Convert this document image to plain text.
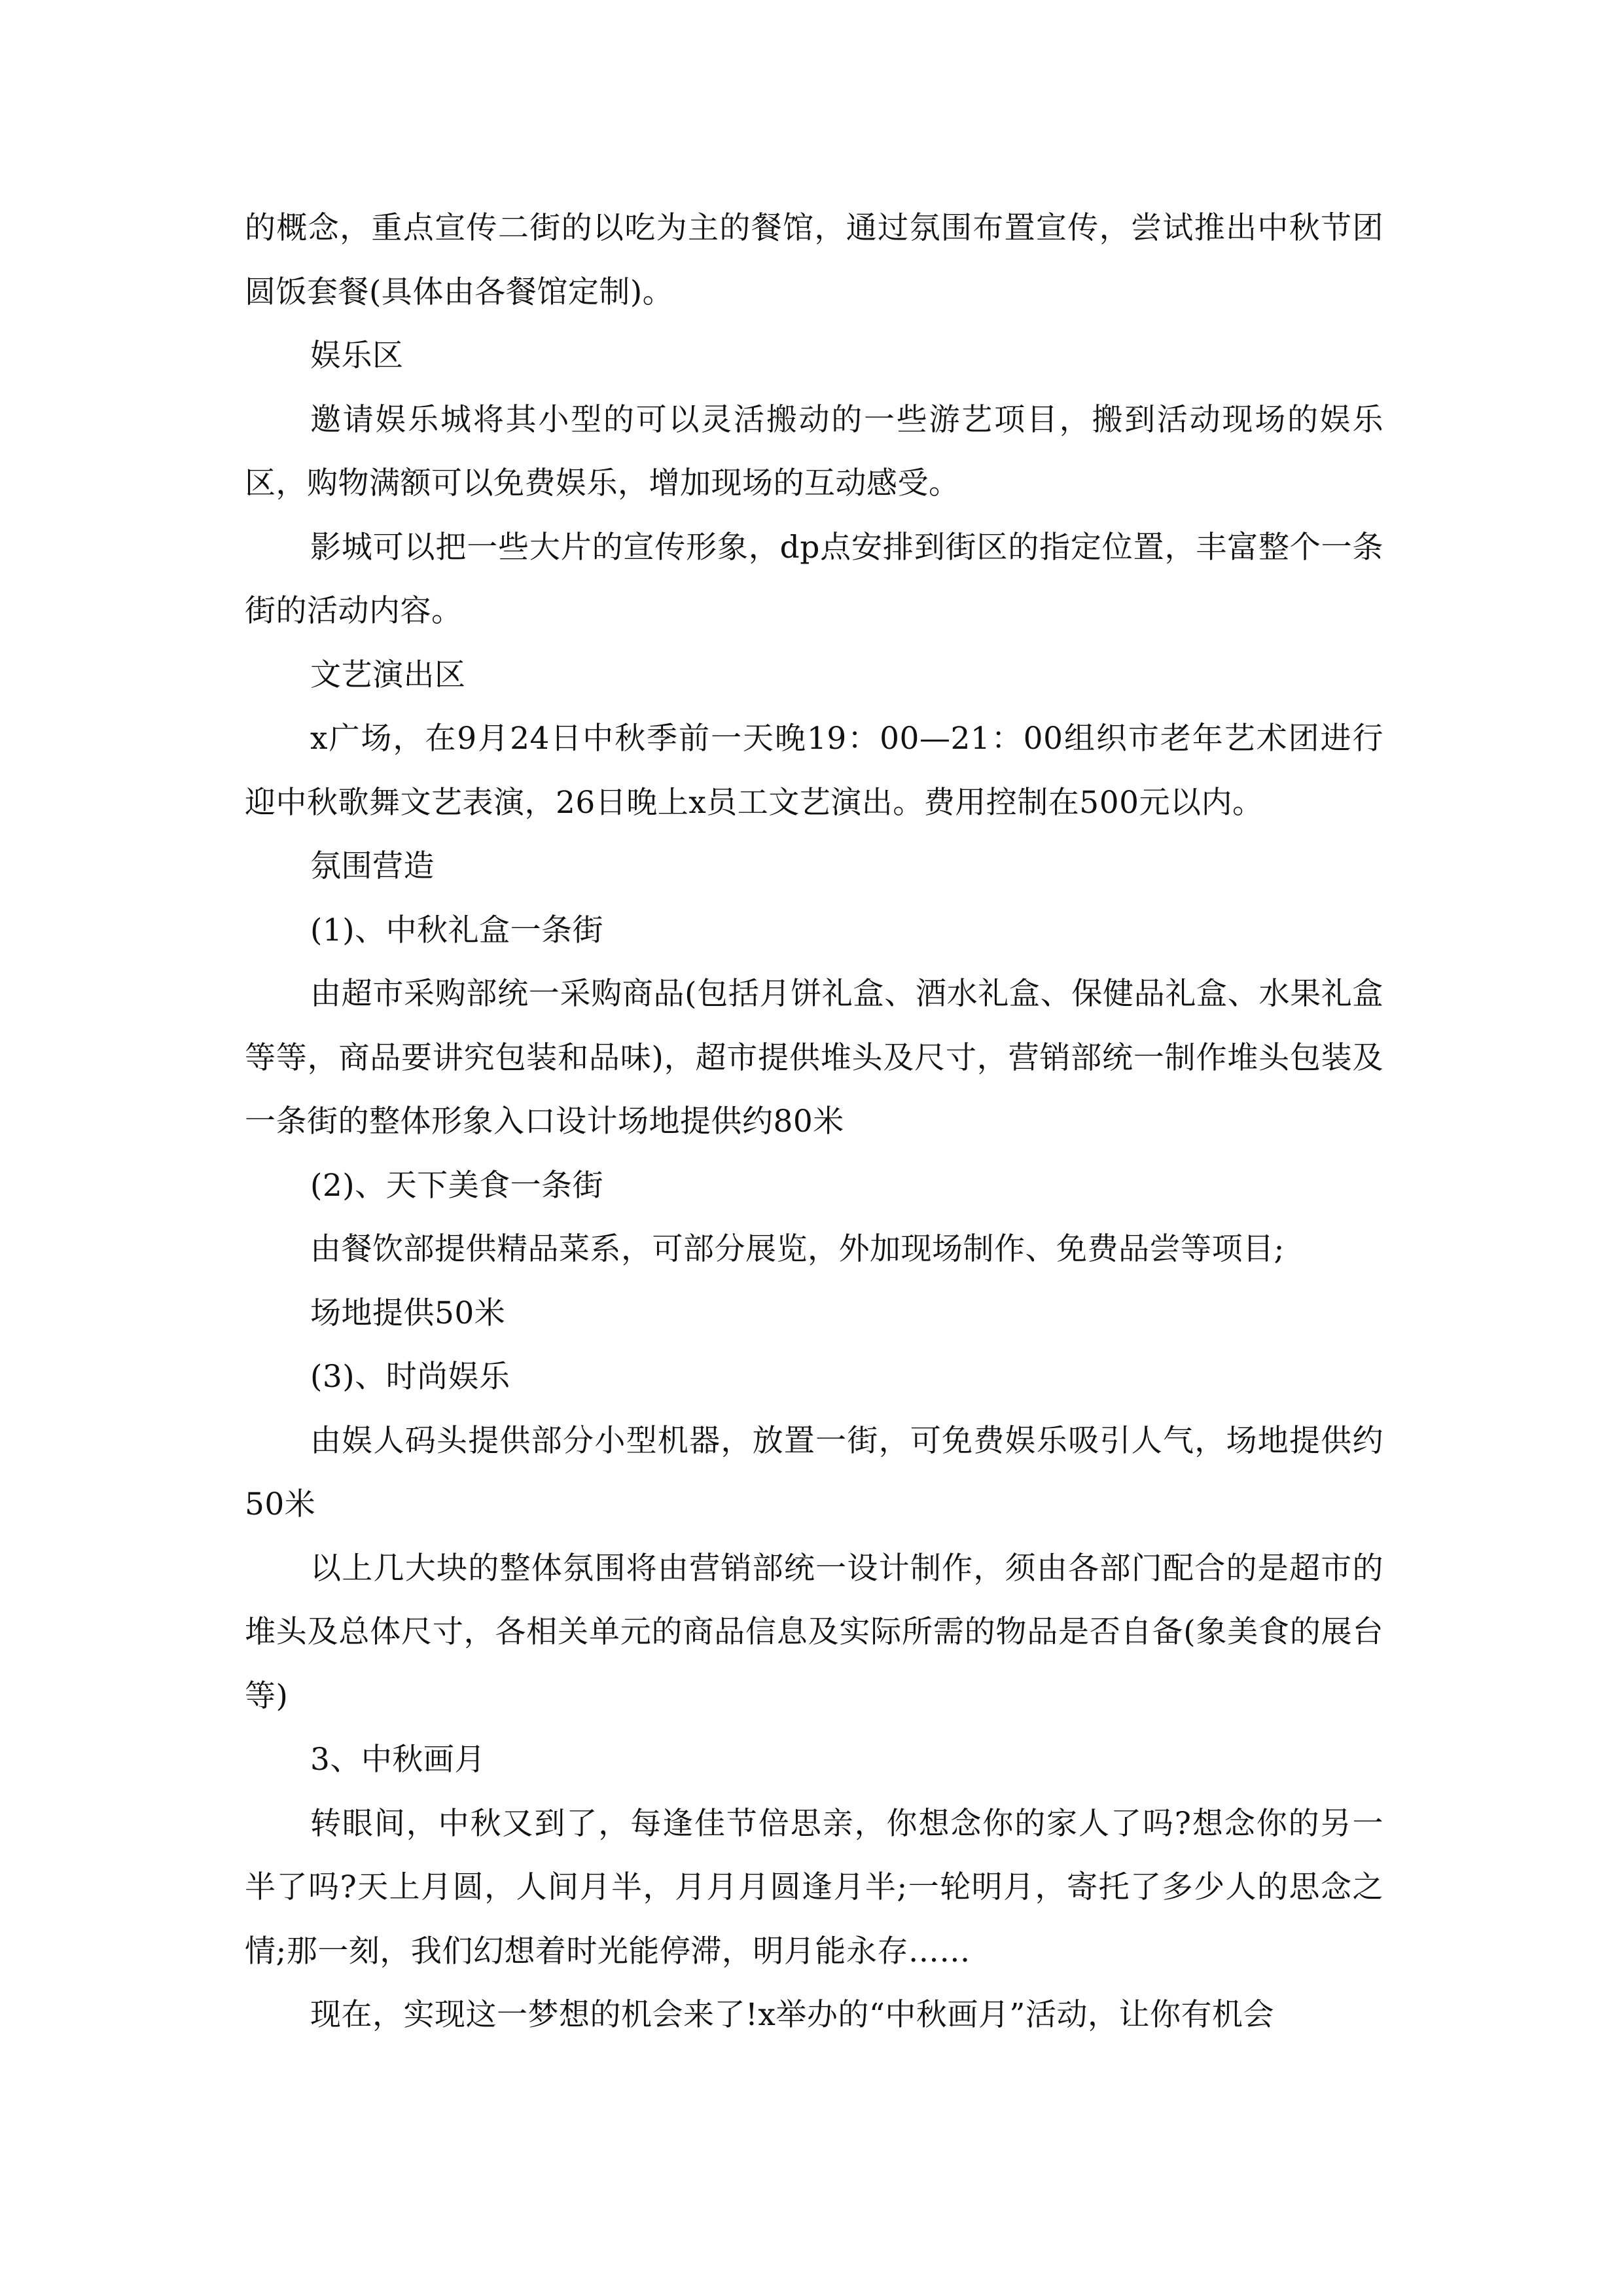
的概念，重点宣传二街的以吃为主的餐馆，通过氛围布置宣传，尝试推出中秋节团圆饭套餐(具体由各餐馆定制)。

娱乐区

邀请娱乐城将其小型的可以灵活搬动的一些游艺项目，搬到活动现场的娱乐区，购物满额可以免费娱乐，增加现场的互动感受。

影城可以把一些大片的宣传形象，dp点安排到街区的指定位置，丰富整个一条街的活动内容。

文艺演出区

x广场，在9月24日中秋季前一天晚19：00—21：00组织市老年艺术团进行迎中秋歌舞文艺表演，26日晚上x员工文艺演出。费用控制在500元以内。

氛围营造

(1)、中秋礼盒一条街

由超市采购部统一采购商品(包括月饼礼盒、酒水礼盒、保健品礼盒、水果礼盒等等，商品要讲究包装和品味)，超市提供堆头及尺寸，营销部统一制作堆头包装及一条街的整体形象入口设计场地提供约80米

(2)、天下美食一条街

由餐饮部提供精品菜系，可部分展览，外加现场制作、免费品尝等项目;

场地提供50米

(3)、时尚娱乐

由娱人码头提供部分小型机器，放置一街，可免费娱乐吸引人气，场地提供约50米

以上几大块的整体氛围将由营销部统一设计制作，须由各部门配合的是超市的堆头及总体尺寸，各相关单元的商品信息及实际所需的物品是否自备(象美食的展台等)

3、中秋画月

转眼间，中秋又到了，每逢佳节倍思亲，你想念你的家人了吗?想念你的另一半了吗?天上月圆，人间月半，月月月圆逢月半;一轮明月，寄托了多少人的思念之情;那一刻，我们幻想着时光能停滞，明月能永存……

现在，实现这一梦想的机会来了!x举办的“中秋画月”活动，让你有机会
